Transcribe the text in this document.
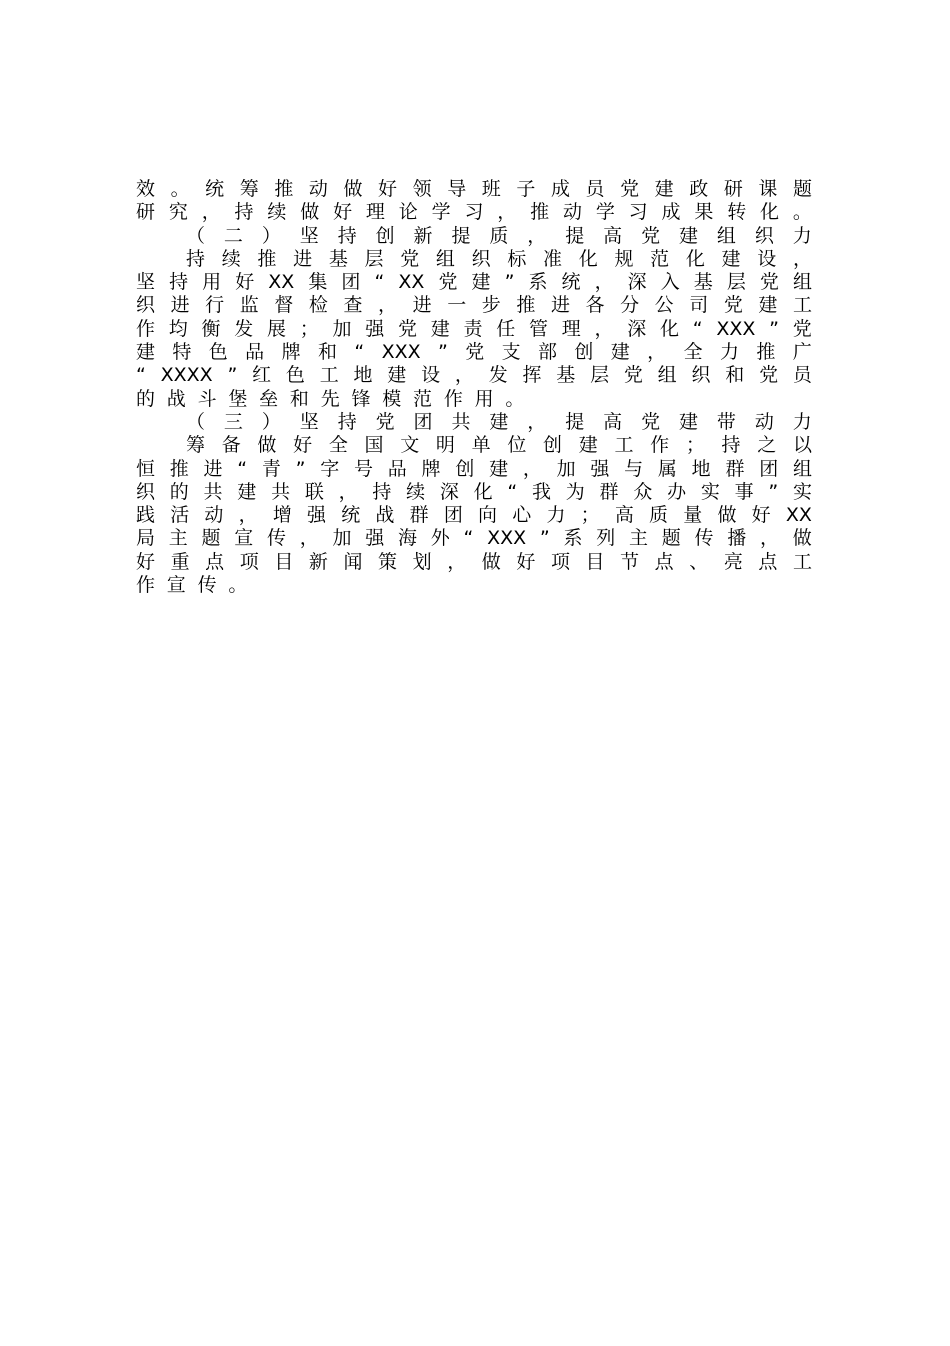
效 。 统 筹 推 动 做 好 领 导 班 子 成 员 党 建 政 研 课 题
研 究 ， 持 续 做 好 理 论 学 习 ， 推 动 学 习 成 果 转 化 。
（ 二 ） 坚 持 创 新 提 质 ， 提 高 党 建 组 织 力
持 续 推 进 基 层 党 组 织 标 准 化 规 范 化 建 设 ，
坚 持 用 好 XX 集 团 “ XX 党 建 ” 系 统 ， 深 入 基 层 党 组
织 进 行 监 督 检 查 ， 进 一 步 推 进 各 分 公 司 党 建 工
作 均 衡 发 展 ； 加 强 党 建 责 任 管 理 ， 深 化 “ XXX ” 党
建 特 色 品 牌 和 “ XXX ” 党 支 部 创 建 ， 全 力 推 广
“ XXXX ” 红 色 工 地 建 设 ， 发 挥 基 层 党 组 织 和 党 员
的 战 斗 堡 垒 和 先 锋 模 范 作 用 。
（ 三 ） 坚 持 党 团 共 建 ， 提 高 党 建 带 动 力
筹 备 做 好 全 国 文 明 单 位 创 建 工 作 ； 持 之 以
恒 推 进 “ 青 ” 字 号 品 牌 创 建 ， 加 强 与 属 地 群 团 组
织 的 共 建 共 联 ， 持 续 深 化 “ 我 为 群 众 办 实 事 ” 实
践 活 动 ， 增 强 统 战 群 团 向 心 力 ； 高 质 量 做 好 XX
局 主 题 宣 传 ， 加 强 海 外 “ XXX ” 系 列 主 题 传 播 ， 做
好 重 点 项 目 新 闻 策 划 ， 做 好 项 目 节 点 、 亮 点 工
作 宣 传 。
